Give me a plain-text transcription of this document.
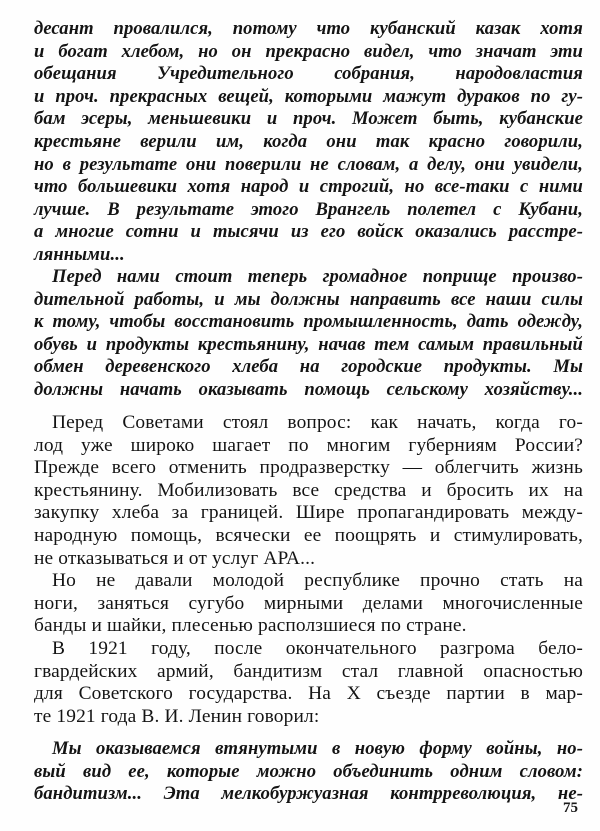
десант провалился, потому что кубанский казак хотя
и богат хлебом, но он прекрасно видел, что значат эти
обещания Учредительного собрания, народовластия
и проч. прекрасных вещей, которыми мажут дураков по гу-
бам эсеры, меньшевики и проч. Может быть, кубанские
крестьяне верили им, когда они так красно говорили,
но в результате они поверили не словам, а делу, они увидели,
что большевики хотя народ и строгий, но все-таки с ними
лучше. В результате этого Врангель полетел с Кубани,
а многие сотни и тысячи из его войск оказались расстре-
лянными...
Перед нами стоит теперь громадное поприще произво-
дительной работы, и мы должны направить все наши силы
к тому, чтобы восстановить промышленность, дать одежду,
обувь и продукты крестьянину, начав тем самым правильный
обмен деревенского хлеба на городские продукты. Мы
должны начать оказывать помощь сельскому хозяйству...
Перед Советами стоял вопрос: как начать, когда го-
лод уже широко шагает по многим губерниям России?
Прежде всего отменить продразверстку — облегчить жизнь
крестьянину. Мобилизовать все средства и бросить их на
закупку хлеба за границей. Шире пропагандировать между-
народную помощь, всячески ее поощрять и стимулировать,
не отказываться и от услуг АРА...
Но не давали молодой республике прочно стать на
ноги, заняться сугубо мирными делами многочисленные
банды и шайки, плесенью расползшиеся по стране.
В 1921 году, после окончательного разгрома бело-
гвардейских армий, бандитизм стал главной опасностью
для Советского государства. На X съезде партии в мар-
те 1921 года В. И. Ленин говорил:
Мы оказываемся втянутыми в новую форму войны, но-
вый вид ее, которые можно объединить одним словом:
бандитизм... Эта мелкобуржуазная контрреволюция, не-
75
